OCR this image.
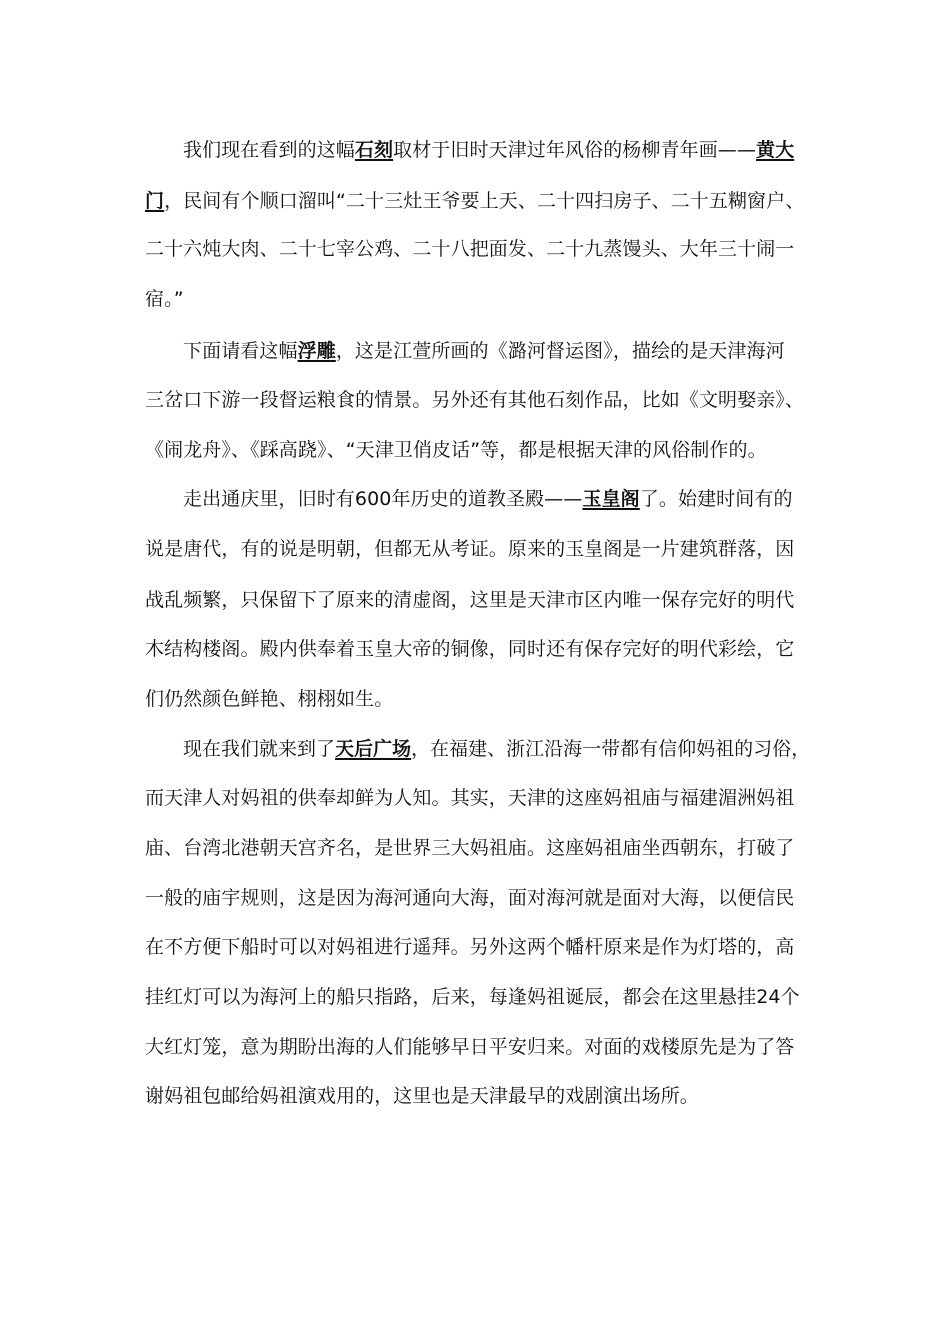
我们现在看到的这幅石刻取材于旧时天津过年风俗的杨柳青年画——黄大
门，民间有个顺口溜叫“二十三灶王爷要上天、二十四扫房子、二十五糊窗户、
二十六炖大肉、二十七宰公鸡、二十八把面发、二十九蒸馒头、大年三十闹一
宿。”
下面请看这幅浮雕，这是江萱所画的《潞河督运图》，描绘的是天津海河
三岔口下游一段督运粮食的情景。另外还有其他石刻作品，比如《文明娶亲》、
《闹龙舟》、《踩高跷》、“天津卫俏皮话”等，都是根据天津的风俗制作的。
走出通庆里，旧时有600年历史的道教圣殿——玉皇阁了。始建时间有的
说是唐代，有的说是明朝，但都无从考证。原来的玉皇阁是一片建筑群落，因
战乱频繁，只保留下了原来的清虚阁，这里是天津市区内唯一保存完好的明代
木结构楼阁。殿内供奉着玉皇大帝的铜像，同时还有保存完好的明代彩绘，它
们仍然颜色鲜艳、栩栩如生。
现在我们就来到了天后广场，在福建、浙江沿海一带都有信仰妈祖的习俗，
而天津人对妈祖的供奉却鲜为人知。其实，天津的这座妈祖庙与福建湄洲妈祖
庙、台湾北港朝天宫齐名，是世界三大妈祖庙。这座妈祖庙坐西朝东，打破了
一般的庙宇规则，这是因为海河通向大海，面对海河就是面对大海，以便信民
在不方便下船时可以对妈祖进行遥拜。另外这两个幡杆原来是作为灯塔的，高
挂红灯可以为海河上的船只指路，后来，每逢妈祖诞辰，都会在这里悬挂24个
大红灯笼，意为期盼出海的人们能够早日平安归来。对面的戏楼原先是为了答
谢妈祖包邮给妈祖演戏用的，这里也是天津最早的戏剧演出场所。
